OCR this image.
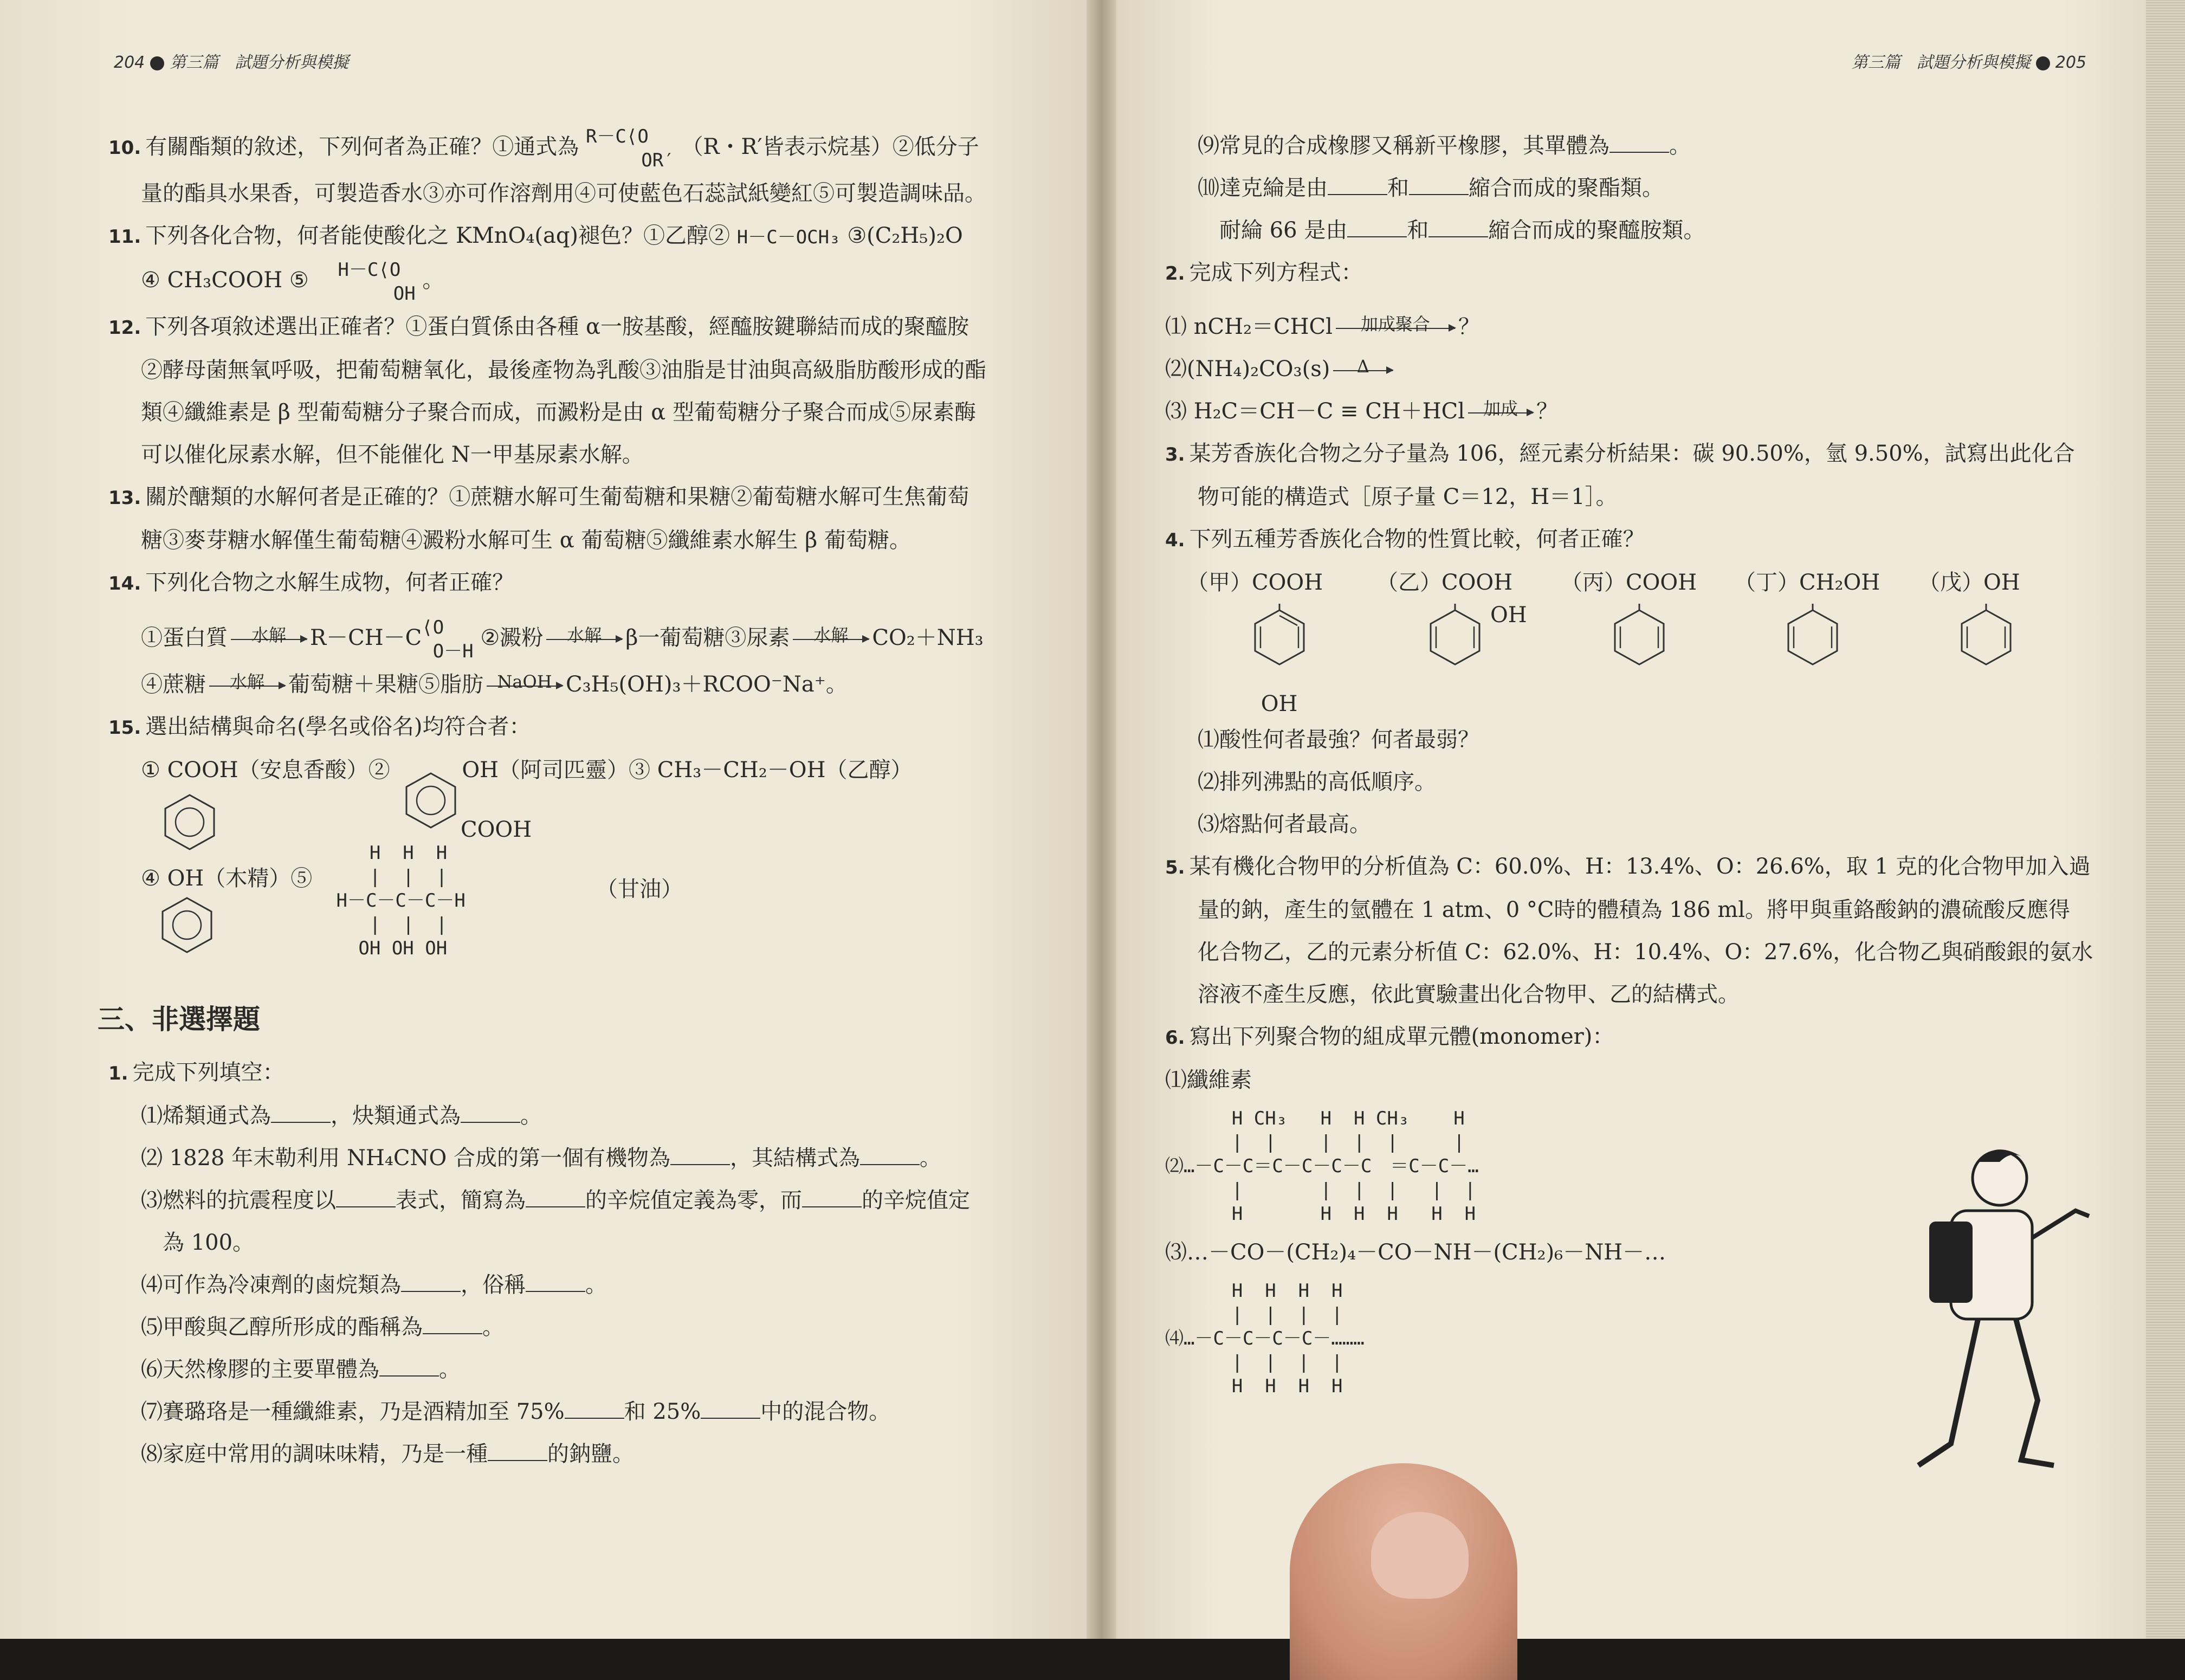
204 第三篇　 試題分析與模擬

10. 有關酯類的敘述，下列何者為正確？①通式為 R－C⟨O
OR′ （R・R′皆表示烷基）②低分子

量的酯具水果香，可製造香水③亦可作溶劑用④可使藍色石蕊試紙變紅⑤可製造調味品。

11. 下列各化合物，何者能使酸化之 KMnO₄(aq)褪色？①乙醇② H－C－OCH₃ ③(C₂H₅)₂O

④ CH₃COOH ⑤   H－C⟨O
OH 。

12. 下列各項敘述選出正確者？①蛋白質係由各種 α一胺基酸，經醯胺鍵聯結而成的聚醯胺

②酵母菌無氧呼吸，把葡萄糖氧化，最後產物為乳酸③油脂是甘油與高級脂肪酸形成的酯

類④纖維素是 β 型葡萄糖分子聚合而成，而澱粉是由 α 型葡萄糖分子聚合而成⑤尿素酶

可以催化尿素水解，但不能催化 N一甲基尿素水解。

13. 關於醣類的水解何者是正確的？①蔗糖水解可生葡萄糖和果糖②葡萄糖水解可生焦葡萄

糖③麥芽糖水解僅生葡萄糖④澱粉水解可生 α 葡萄糖⑤纖維素水解生 β 葡萄糖。

14. 下列化合物之水解生成物，何者正確？

①蛋白質	水解	R－CH－C⟨O
O－H ②澱粉	水解	β一葡萄糖③尿素	水解	CO₂＋NH₃

④蔗糖	水解	葡萄糖＋果糖⑤脂肪 NaOH C₃H₅(OH)₃＋RCOO⁻Na⁺。

15. 選出結構與命名(學名或俗名)均符合者：

① COOH（安息香酸）②	OH（阿司匹靈）③ CH₃－CH₂－OH（乙醇）
COOH
④ OH（木精）⑤
H  H  H
|  |  |
H－C－C－C－H
|  |  |
OH OH OH
（甘油）
三、非選擇題

1. 完成下列填空：

⑴烯類通式為	，炔類通式為	。

⑵ 1828 年末勒利用 NH₄CNO 合成的第一個有機物為	，其結構式為	。

⑶燃料的抗震程度以	表式，簡寫為	的辛烷值定義為零，而	的辛烷值定

為 100。

⑷可作為冷凍劑的鹵烷類為	，俗稱	。

⑸甲酸與乙醇所形成的酯稱為	。

⑹天然橡膠的主要單體為	。

⑺賽璐珞是一種纖維素，乃是酒精加至 75%	和 25%	中的混合物。

⑻家庭中常用的調味味精，乃是一種	的鈉鹽。

第三篇　 試題分析與模擬 205

⑼常見的合成橡膠又稱新平橡膠，其單體為	。

⑽達克綸是由	和	縮合而成的聚酯類。

耐綸 66 是由	和	縮合而成的聚醯胺類。

2. 完成下列方程式：

⑴ nCH₂＝CHCl	加成聚合	？

⑵(NH₄)₂CO₃(s)	Δ

⑶ H₂C＝CH－C ≡ CH＋HCl	加成 ？

3. 某芳香族化合物之分子量為 106，經元素分析結果：碳 90.50%，氫 9.50%，試寫出此化合

物可能的構造式［原子量 C＝12，H＝1］。

4. 下列五種芳香族化合物的性質比較，何者正確？

（甲）COOH
OH
（乙）COOH
OH
（丙）COOH （丁）CH₂OH （戊）OH

⑴酸性何者最強？何者最弱？

⑵排列沸點的高低順序。

⑶熔點何者最高。

5. 某有機化合物甲的分析值為 C：60.0%、H：13.4%、O：26.6%，取 1 克的化合物甲加入過

量的鈉，產生的氫體在 1 atm、0 °C時的體積為 186 ml。將甲與重鉻酸鈉的濃硫酸反應得

化合物乙，乙的元素分析值 C：62.0%、H：10.4%、O：27.6%，化合物乙與硝酸銀的氨水

溶液不產生反應，依此實驗畫出化合物甲、乙的結構式。

6. 寫出下列聚合物的組成單元體(monomer)：

⑴纖維素

H CH₃   H  H CH₃    H
|  |    |  |  |     |
⑵…－C－C＝C－C－C－C　＝C－C－…
|       |  |  |   |  |
H       H  H  H   H  H

⑶…－CO－(CH₂)₄－CO－NH－(CH₂)₆－NH－…

H  H  H  H
|  |  |  |
⑷…－C－C－C－C－………
|  |  |  |
H  H  H  H
